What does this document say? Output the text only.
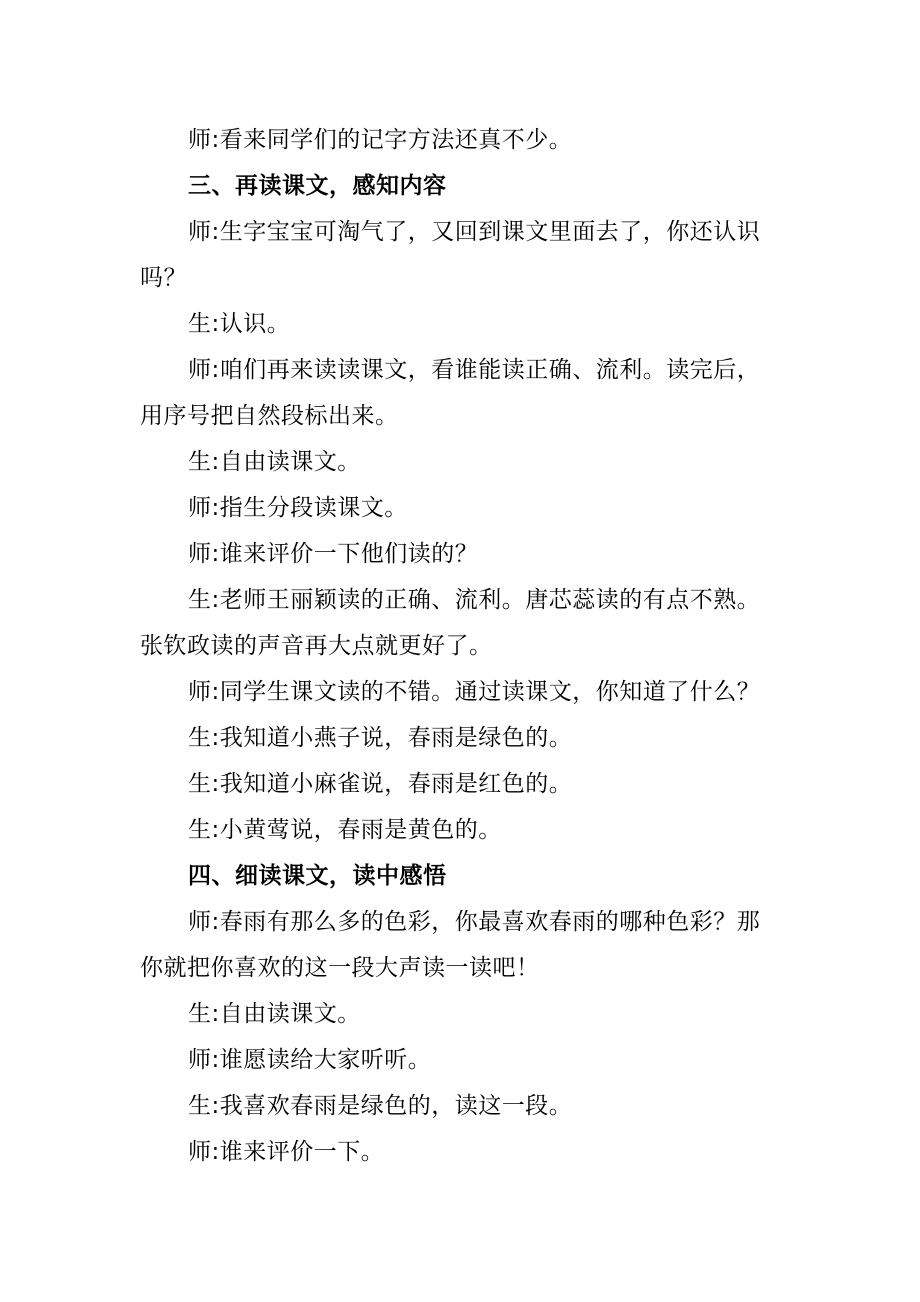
师:看来同学们的记字方法还真不少。

三、再读课文，感知内容

师:生字宝宝可淘气了，又回到课文里面去了，你还认识吗？

生:认识。

师:咱们再来读读课文，看谁能读正确、流利。读完后，用序号把自然段标出来。

生:自由读课文。

师:指生分段读课文。

师:谁来评价一下他们读的？

生:老师王丽颖读的正确、流利。唐芯蕊读的有点不熟。张钦政读的声音再大点就更好了。

师:同学生课文读的不错。通过读课文，你知道了什么？

生:我知道小燕子说，春雨是绿色的。

生:我知道小麻雀说，春雨是红色的。

生:小黄莺说，春雨是黄色的。

四、细读课文，读中感悟

师:春雨有那么多的色彩，你最喜欢春雨的哪种色彩？那你就把你喜欢的这一段大声读一读吧！

生:自由读课文。

师:谁愿读给大家听听。

生:我喜欢春雨是绿色的，读这一段。

师:谁来评价一下。
